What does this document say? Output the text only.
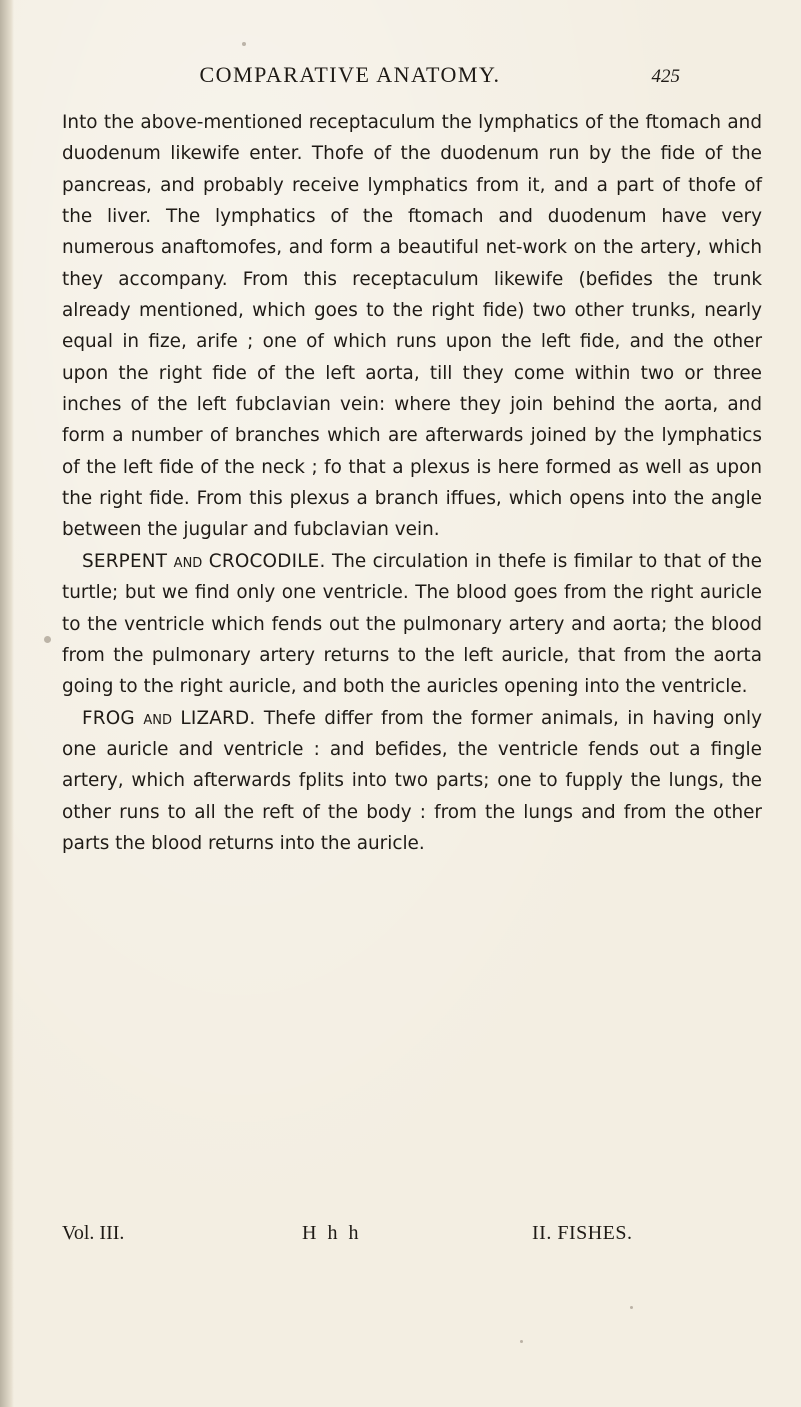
COMPARATIVE ANATOMY.	425

Into the above-mentioned receptaculum the lymphatics of the ftomach and duodenum likewife enter. Thofe of the duodenum run by the fide of the pancreas, and probably receive lymphatics from it, and a part of thofe of the liver. The lymphatics of the ftomach and duodenum have very numerous anaftomofes, and form a beautiful net-work on the artery, which they accompany. From this receptaculum likewife (befides the trunk already mentioned, which goes to the right fide) two other trunks, nearly equal in fize, arife ; one of which runs upon the left fide, and the other upon the right fide of the left aorta, till they come within two or three inches of the left fubclavian vein: where they join behind the aorta, and form a number of branches which are afterwards joined by the lymphatics of the left fide of the neck ; fo that a plexus is here formed as well as upon the right fide. From this plexus a branch iffues, which opens into the angle between the jugular and fubclavian vein.

SERPENT and CROCODILE. The circulation in thefe is fimilar to that of the turtle; but we find only one ventricle. The blood goes from the right auricle to the ventricle which fends out the pulmonary artery and aorta; the blood from the pulmonary artery returns to the left auricle, that from the aorta going to the right auricle, and both the auricles opening into the ventricle.

FROG and LIZARD. Thefe differ from the former animals, in having only one auricle and ventricle : and befides, the ventricle fends out a fingle artery, which afterwards fplits into two parts; one to fupply the lungs, the other runs to all the reft of the body : from the lungs and from the other parts the blood returns into the auricle.

Vol. III.	H h h	II. FISHES.
